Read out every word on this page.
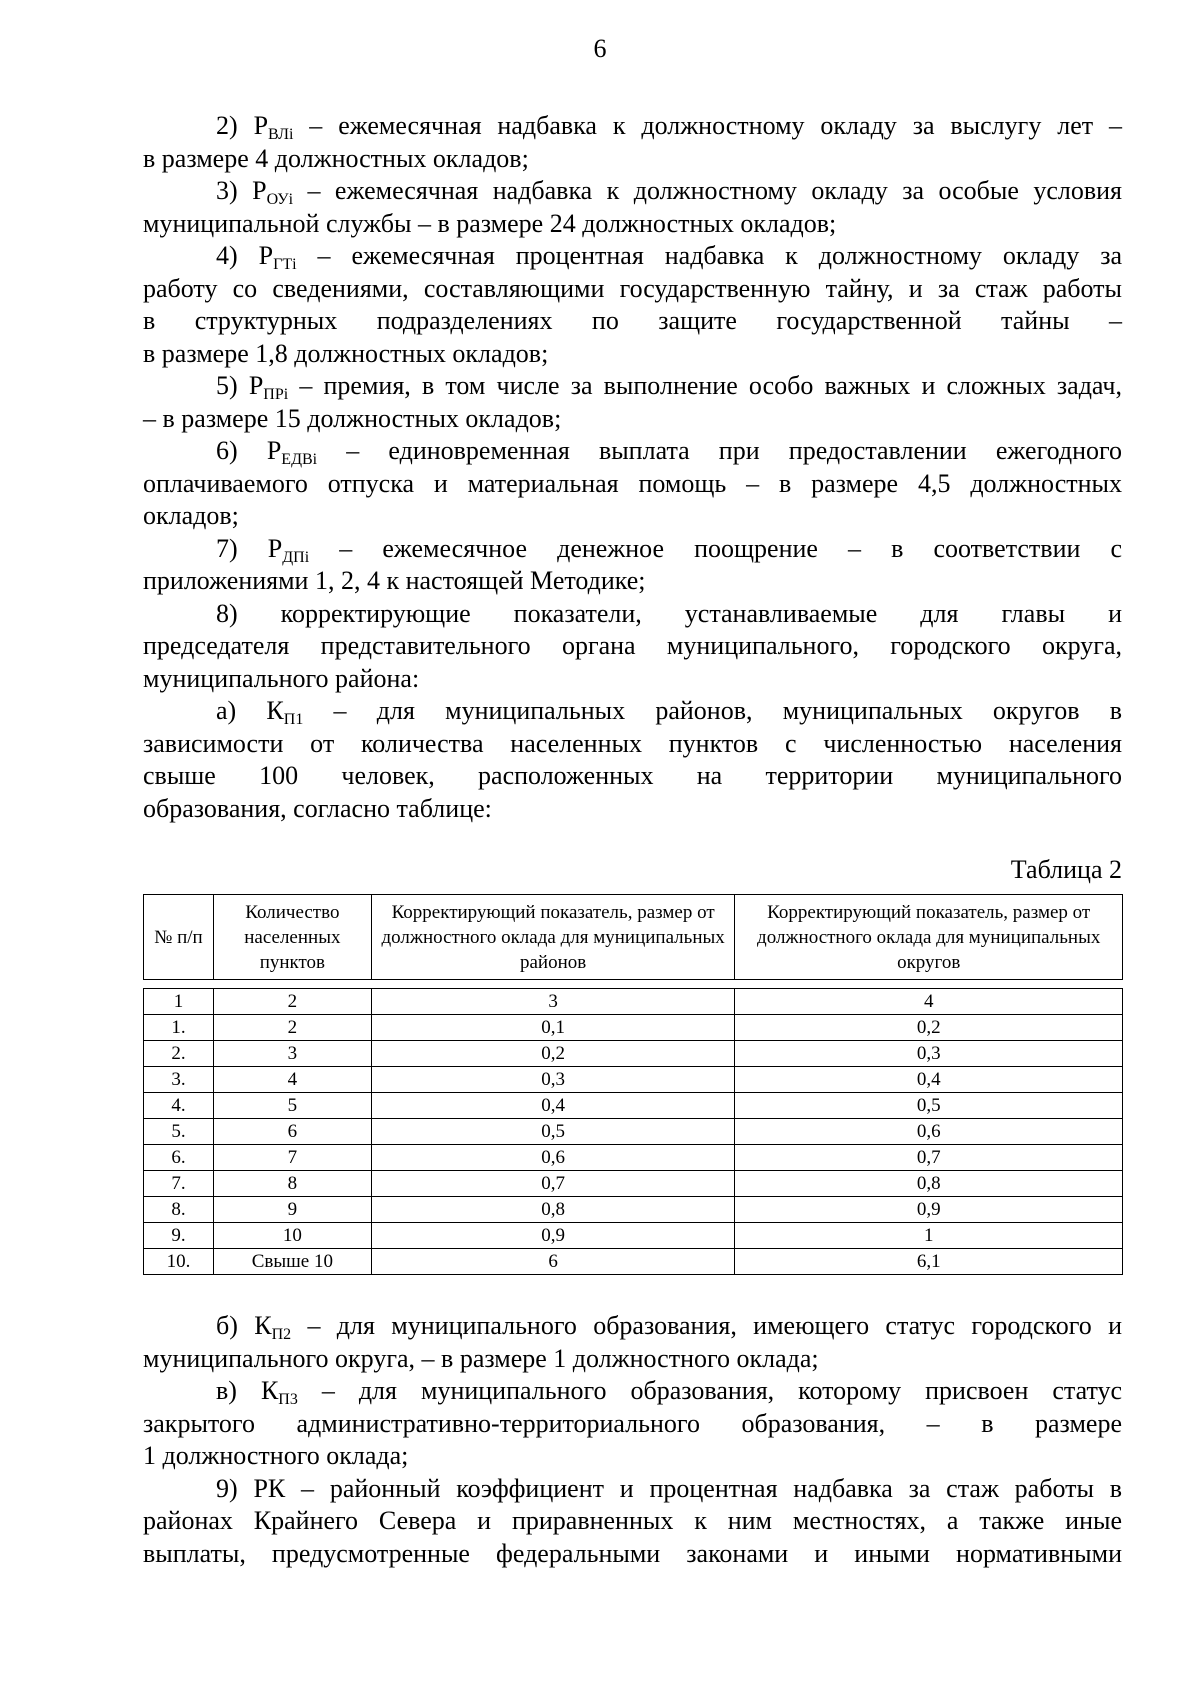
6

2) $P_{ВЛi}$ – ежемесячная надбавка к должностному окладу за выслугу лет –

в размере 4 должностных окладов;

3) $P_{ОУi}$ – ежемесячная надбавка к должностному окладу за особые условия

муниципальной службы – в размере 24 должностных окладов;

4) $P_{ГТi}$ – ежемесячная процентная надбавка к должностному окладу за

работу со сведениями, составляющими государственную тайну, и за стаж работы

в структурных подразделениях по защите государственной тайны –

в размере 1,8 должностных окладов;

5) $P_{ПРi}$ – премия, в том числе за выполнение особо важных и сложных задач,

– в размере 15 должностных окладов;

6) $P_{ЕДВi}$ – единовременная выплата при предоставлении ежегодного

оплачиваемого отпуска и материальная помощь – в размере 4,5 должностных

окладов;

7) $P_{ДПi}$ – ежемесячное денежное поощрение – в соответствии с

приложениями 1, 2, 4 к настоящей Методике;

8) корректирующие показатели, устанавливаемые для главы и

председателя представительного органа муниципального, городского округа,

муниципального района:

а) $К_{П1}$ – для муниципальных районов, муниципальных округов в

зависимости от количества населенных пунктов с численностью населения

свыше 100 человек, расположенных на территории муниципального

образования, согласно таблице:

Таблица 2
№ п/п	Количество населенных пунктов	Корректирующий показатель, размер от должностного оклада для муниципальных районов	Корректирующий показатель, размер от должностного оклада для муниципальных округов

1	2	3	4
1.	2	0,1	0,2
2.	3	0,2	0,3
3.	4	0,3	0,4
4.	5	0,4	0,5
5.	6	0,5	0,6
6.	7	0,6	0,7
7.	8	0,7	0,8
8.	9	0,8	0,9
9.	10	0,9	1
10.	Свыше 10	6	6,1

б) $К_{П2}$ – для муниципального образования, имеющего статус городского и

муниципального округа, – в размере 1 должностного оклада;

в) $К_{П3}$ – для муниципального образования, которому присвоен статус

закрытого административно-территориального образования, – в размере

1 должностного оклада;

9) РК – районный коэффициент и процентная надбавка за стаж работы в

районах Крайнего Севера и приравненных к ним местностях, а также иные

выплаты, предусмотренные федеральными законами и иными нормативными
